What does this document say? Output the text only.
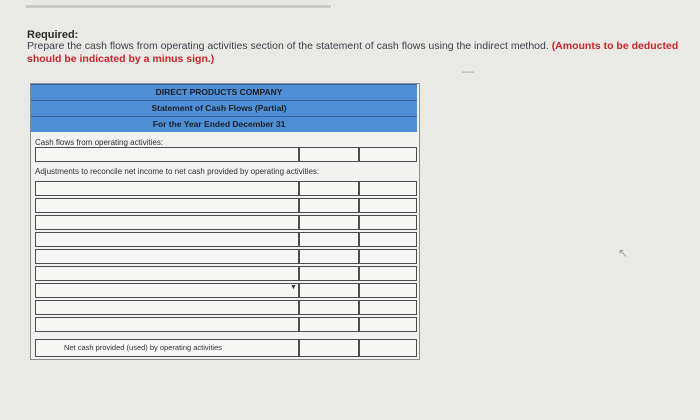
Required:
Prepare the cash flows from operating activities section of the statement of cash flows using the indirect method. (Amounts to be deducted should be indicated by a minus sign.)
DIRECT PRODUCTS COMPANY
Statement of Cash Flows (Partial)
For the Year Ended December 31
Cash flows from operating activities:
Adjustments to reconcile net income to net cash provided by operating activities:
▼
Net cash provided (used) by operating activities
—
↖
